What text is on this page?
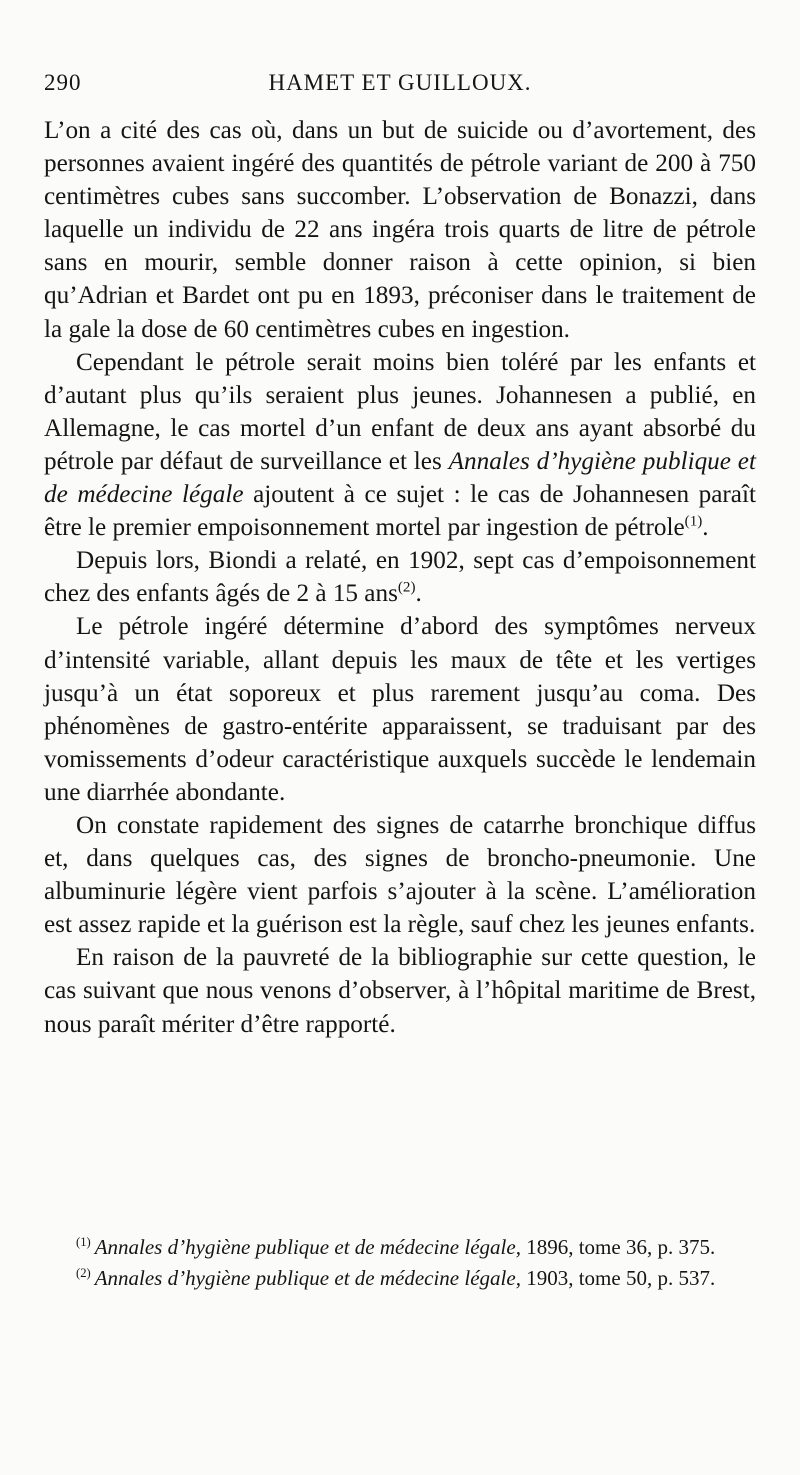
290	HAMET ET GUILLOUX.

L’on a cité des cas où, dans un but de suicide ou d’avortement, des personnes avaient ingéré des quantités de pétrole variant de 200 à 750 centimètres cubes sans succomber. L’observation de Bonazzi, dans laquelle un individu de 22 ans ingéra trois quarts de litre de pétrole sans en mourir, semble donner raison à cette opinion, si bien qu’Adrian et Bardet ont pu en 1893, préconiser dans le traitement de la gale la dose de 60 centimètres cubes en ingestion.

Cependant le pétrole serait moins bien toléré par les enfants et d’autant plus qu’ils seraient plus jeunes. Johannesen a publié, en Allemagne, le cas mortel d’un enfant de deux ans ayant absorbé du pétrole par défaut de surveillance et les Annales d’hygiène publique et de médecine légale ajoutent à ce sujet : le cas de Johannesen paraît être le premier empoisonnement mortel par ingestion de pétrole$^{(1)}$.

Depuis lors, Biondi a relaté, en 1902, sept cas d’empoisonnement chez des enfants âgés de 2 à 15 ans$^{(2)}$.

Le pétrole ingéré détermine d’abord des symptômes nerveux d’intensité variable, allant depuis les maux de tête et les vertiges jusqu’à un état soporeux et plus rarement jusqu’au coma. Des phénomènes de gastro-entérite apparaissent, se traduisant par des vomissements d’odeur caractéristique auxquels succède le lendemain une diarrhée abondante.

On constate rapidement des signes de catarrhe bronchique diffus et, dans quelques cas, des signes de broncho-pneumonie. Une albuminurie légère vient parfois s’ajouter à la scène. L’amélioration est assez rapide et la guérison est la règle, sauf chez les jeunes enfants.

En raison de la pauvreté de la bibliographie sur cette question, le cas suivant que nous venons d’observer, à l’hôpital maritime de Brest, nous paraît mériter d’être rapporté.

$^{(1)}$ Annales d’hygiène publique et de médecine légale, 1896, tome 36, p. 375.

$^{(2)}$ Annales d’hygiène publique et de médecine légale, 1903, tome 50, p. 537.
